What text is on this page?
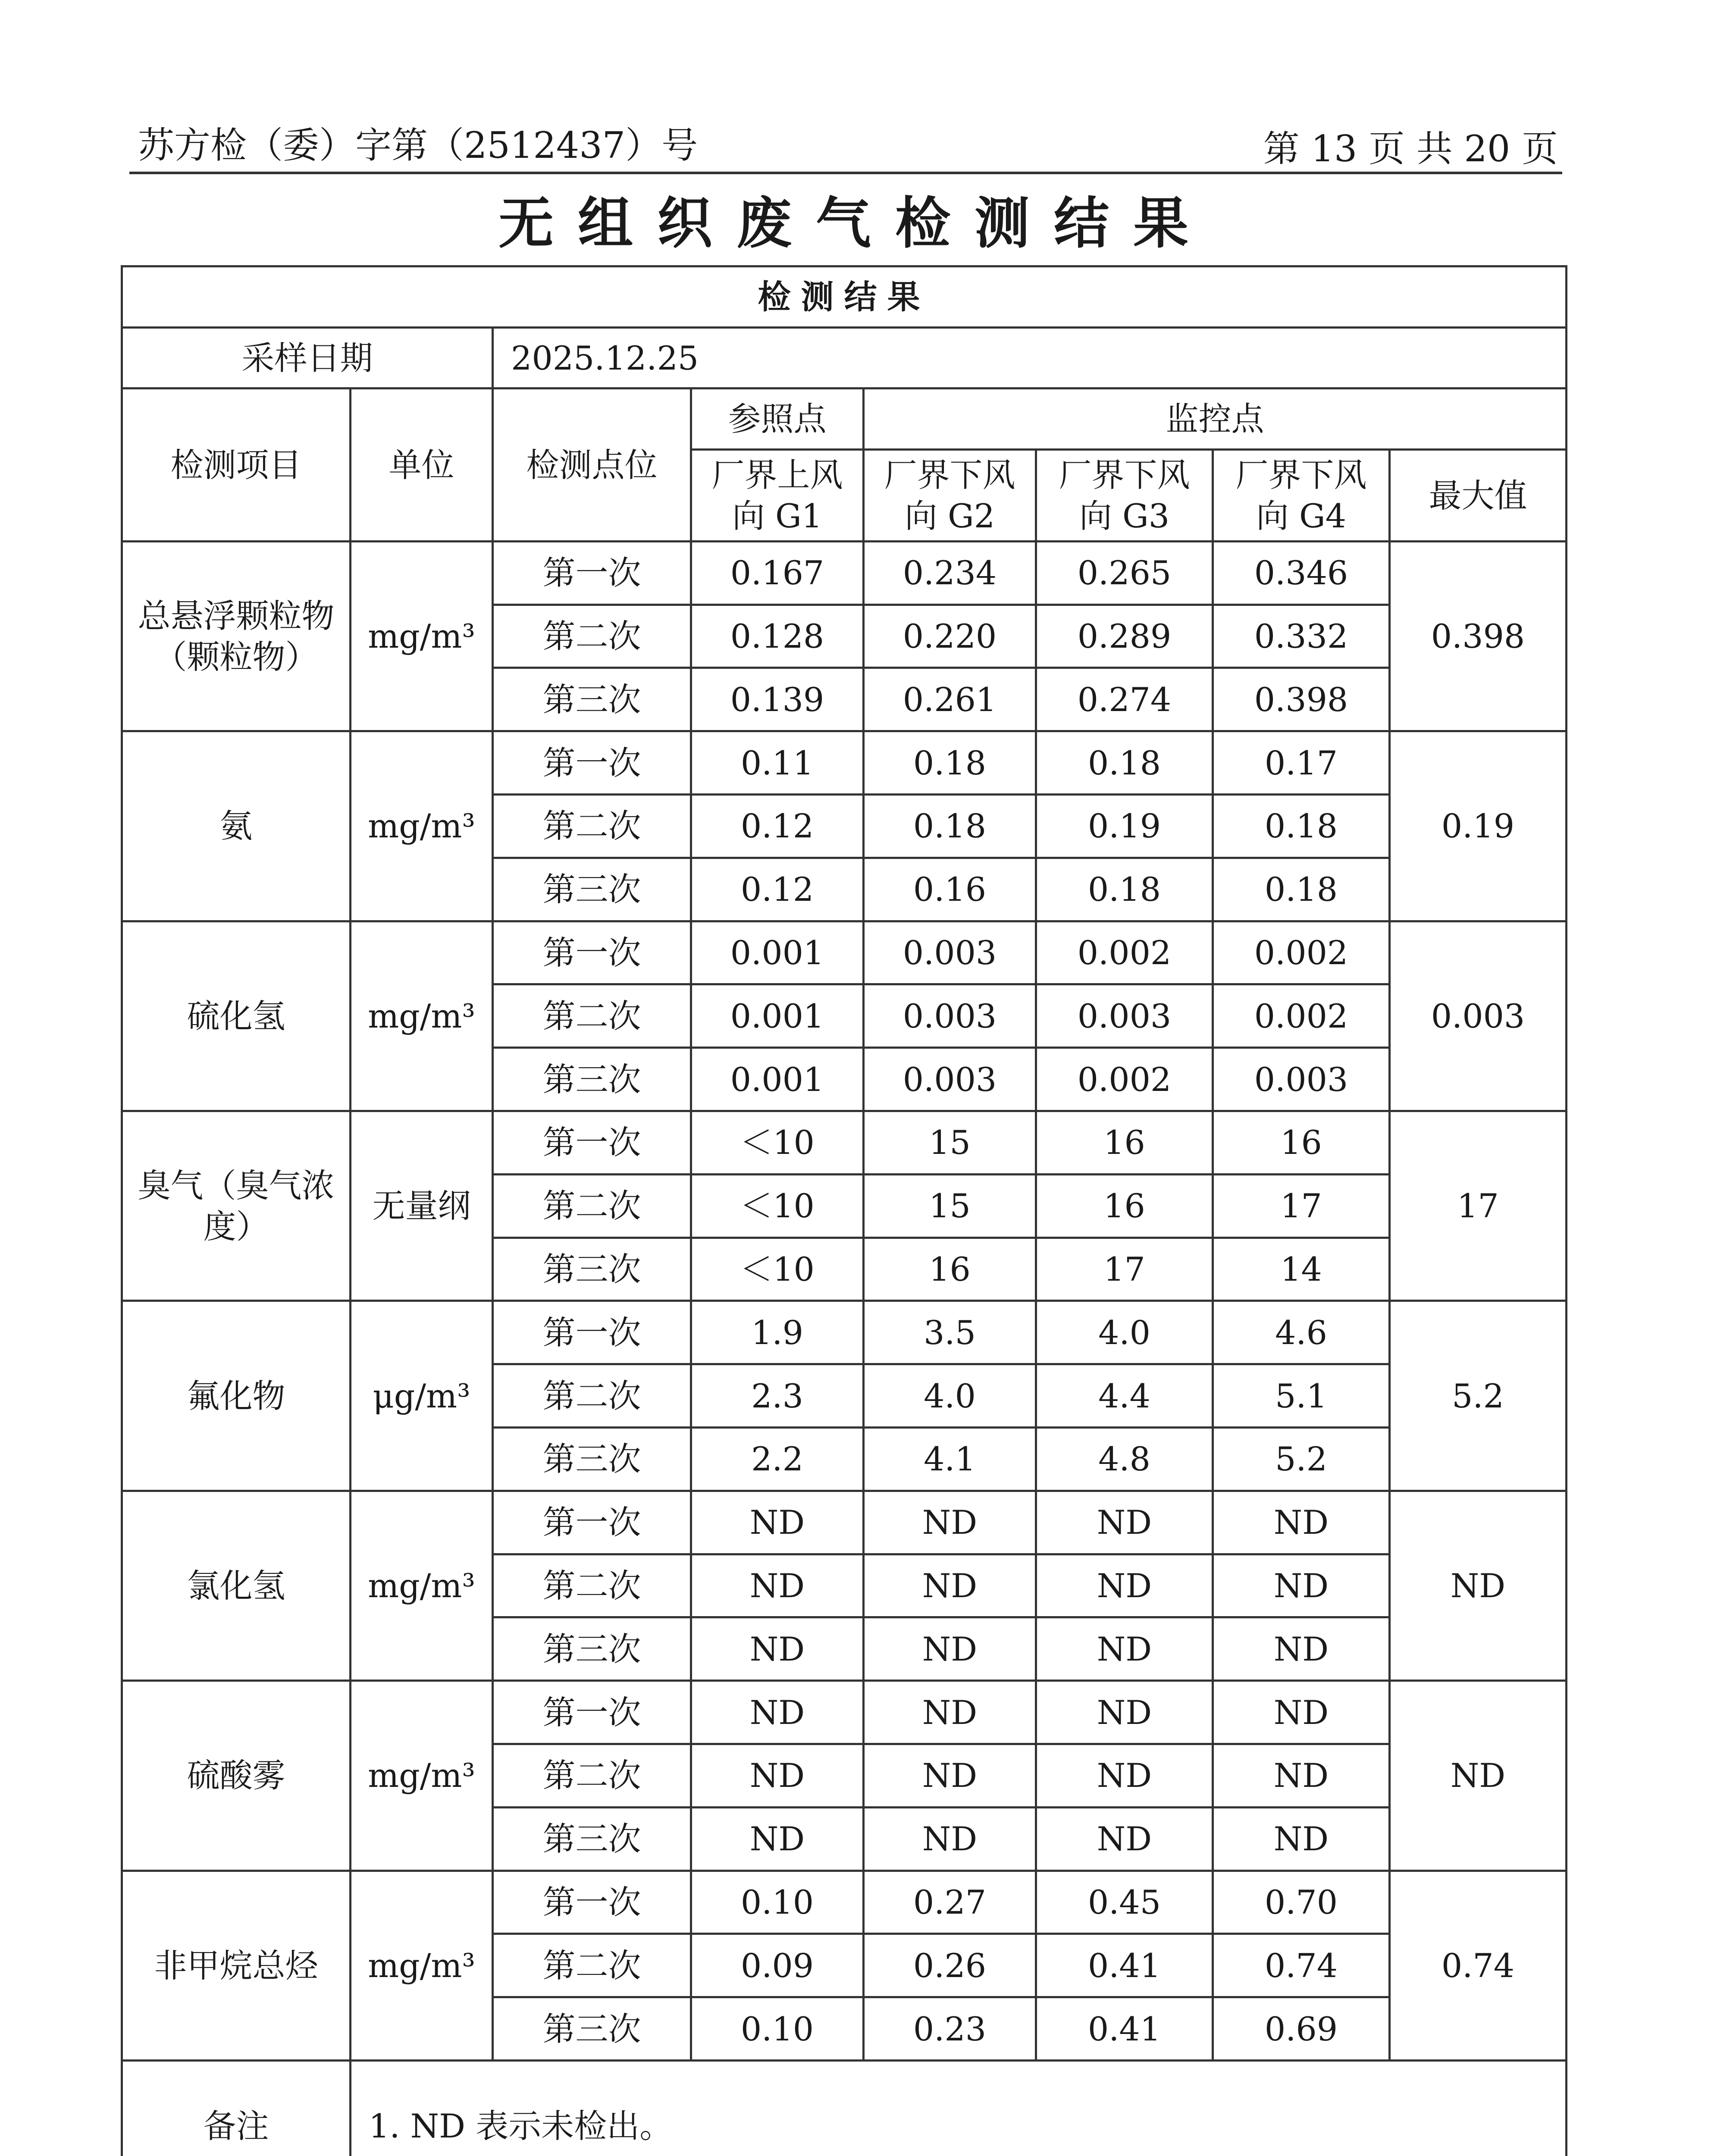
苏方检（委）字第（2512437）号	第 13 页 共 20 页
无组织废气检测结果
检测结果							
采样日期		2025.12.25					
检测项目	单位	检测点位	参照点	监控点			
			厂界上风向 G1	厂界下风向 G2	厂界下风向 G3	厂界下风向 G4	最大值
总悬浮颗粒物（颗粒物）	mg/m³	第一次	0.167	0.234	0.265	0.346	0.398
		第二次	0.128	0.220	0.289	0.332	
		第三次	0.139	0.261	0.274	0.398	
氨	mg/m³	第一次	0.11	0.18	0.18	0.17	0.19
		第二次	0.12	0.18	0.19	0.18	
		第三次	0.12	0.16	0.18	0.18	
硫化氢	mg/m³	第一次	0.001	0.003	0.002	0.002	0.003
		第二次	0.001	0.003	0.003	0.002	
		第三次	0.001	0.003	0.002	0.003	
臭气（臭气浓度）	无量纲	第一次	＜10	15	16	16	17
		第二次	＜10	15	16	17	
		第三次	＜10	16	17	14	
氟化物	μg/m³	第一次	1.9	3.5	4.0	4.6	5.2
		第二次	2.3	4.0	4.4	5.1	
		第三次	2.2	4.1	4.8	5.2	
氯化氢	mg/m³	第一次	ND	ND	ND	ND	ND
		第二次	ND	ND	ND	ND	
		第三次	ND	ND	ND	ND	
硫酸雾	mg/m³	第一次	ND	ND	ND	ND	ND
		第二次	ND	ND	ND	ND	
		第三次	ND	ND	ND	ND	
非甲烷总烃	mg/m³	第一次	0.10	0.27	0.45	0.70	0.74
		第二次	0.09	0.26	0.41	0.74	
		第三次	0.10	0.23	0.41	0.69	
备注	1. ND 表示未检出。						
